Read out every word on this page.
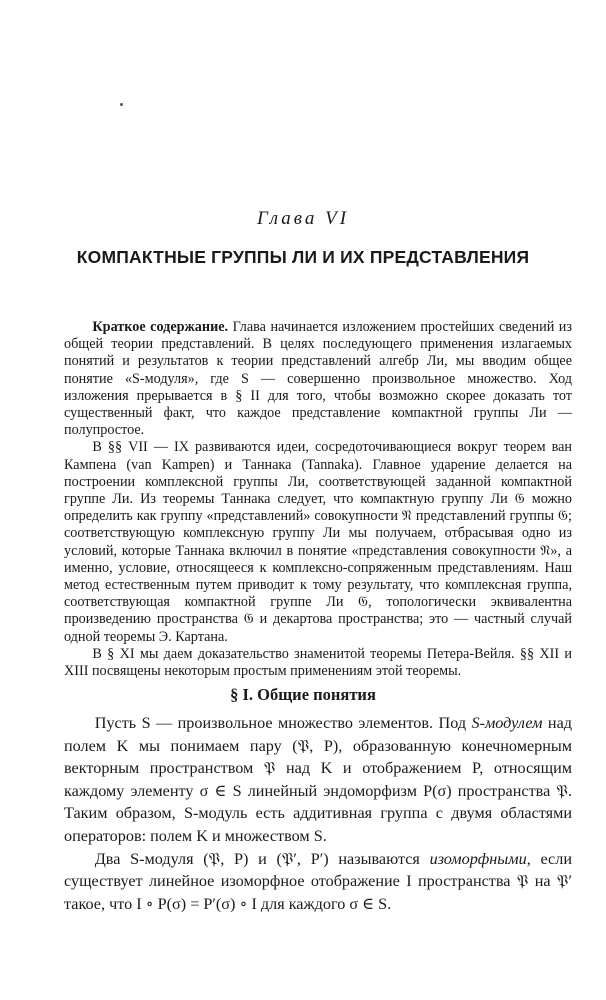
Глава VI
КОМПАКТНЫЕ ГРУППЫ ЛИ И ИХ ПРЕДСТАВЛЕНИЯ

Краткое содержание. Глава начинается изложением простейших сведений из общей теории представлений. В целях последующего применения излагаемых понятий и результатов к теории представлений алгебр Ли, мы вводим общее понятие «S-модуля», где S — совершенно произвольное множество. Ход изложения прерывается в § II для того, чтобы возможно скорее доказать тот существенный факт, что каждое представление компактной группы Ли — полупростое.

В §§ VII — IX развиваются идеи, сосредоточивающиеся вокруг теорем ван Кампена (van Kampen) и Таннака (Tannaka). Главное ударение делается на построении комплексной группы Ли, соответствующей заданной компактной группе Ли. Из теоремы Таннака следует, что компактную группу Ли 𝔊 можно определить как группу «представлений» совокупности 𝔑 представлений группы 𝔊; соответствующую комплексную группу Ли мы получаем, отбрасывая одно из условий, которые Таннака включил в понятие «представления совокупности 𝔑», а именно, условие, относящееся к комплексно-сопряженным представлениям. Наш метод естественным путем приводит к тому результату, что комплексная группа, соответствующая компактной группе Ли 𝔊, топологически эквивалентна произведению пространства 𝔊 и декартова пространства; это — частный случай одной теоремы Э. Картана.

В § XI мы даем доказательство знаменитой теоремы Петера-Вейля. §§ XII и XIII посвящены некоторым простым применениям этой теоремы.

§ I. Общие понятия

Пусть S — произвольное множество элементов. Под S-модулем над полем K мы понимаем пару (𝔓, P), образованную конечномерным векторным пространством 𝔓 над K и отображением P, относящим каждому элементу σ ∈ S линейный эндоморфизм P(σ) пространства 𝔓. Таким образом, S-модуль есть аддитивная группа с двумя областями операторов: полем K и множеством S.

Два S-модуля (𝔓, P) и (𝔓′, P′) называются изоморфными, если существует линейное изоморфное отображение I пространства 𝔓 на 𝔓′ такое, что I ∘ P(σ) = P′(σ) ∘ I для каждого σ ∈ S.
